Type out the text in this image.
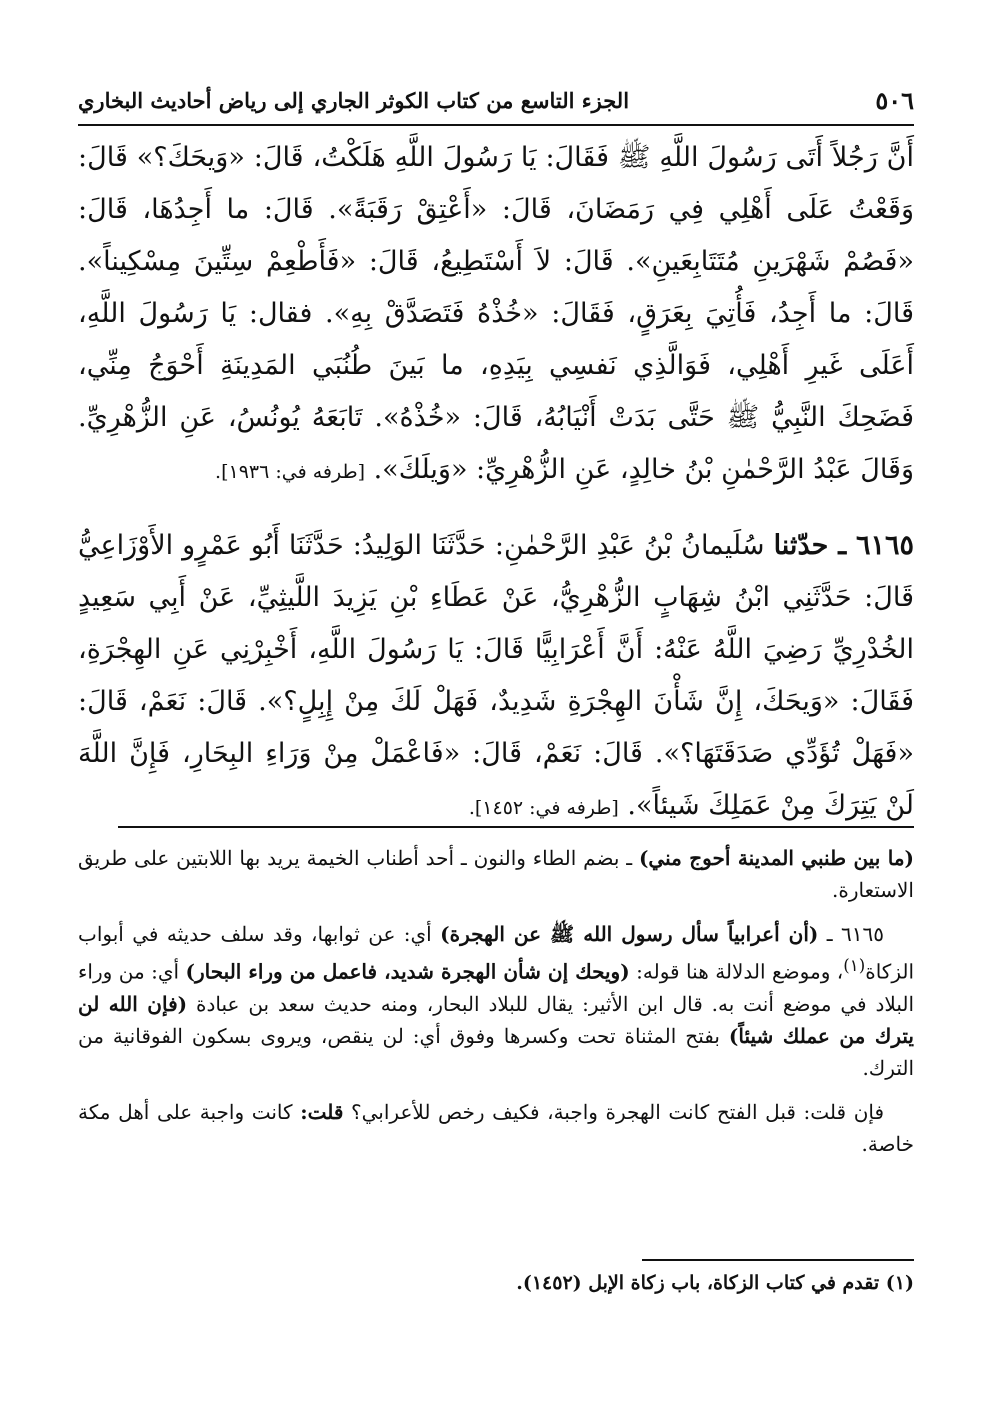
٥٠٦
الجزء التاسع من كتاب الكوثر الجاري إلى رياض أحاديث البخاري

أَنَّ رَجُلاً أَتَى رَسُولَ اللَّهِ ﷺ فَقَالَ: يَا رَسُولَ اللَّهِ هَلَكْتُ، قَالَ: «وَيحَكَ؟» قَالَ: وَقَعْتُ عَلَى أَهْلِي فِي رَمَضَانَ، قَالَ: «أَعْتِقْ رَقَبَةً». قَالَ: ما أَجِدُهَا، قَالَ: «فَصُمْ شَهْرَينِ مُتَتَابِعَينِ». قَالَ: لاَ أَسْتَطِيعُ، قَالَ: «فَأَطْعِمْ سِتِّينَ مِسْكِيناً». قَالَ: ما أَجِدُ، فَأُتِيَ بِعَرَقٍ، فَقَالَ: «خُذْهُ فَتَصَدَّقْ بِهِ». فقال: يَا رَسُولَ اللَّهِ، أَعَلَى غَيرِ أَهْلِي، فَوَالَّذِي نَفسِي بِيَدِهِ، ما بَينَ طُنُبَي المَدِينَةِ أَحْوَجُ مِنِّي، فَضَحِكَ النَّبِيُّ ﷺ حَتَّى بَدَتْ أَنْيَابُهُ، قَالَ: «خُذْهُ». تَابَعَهُ يُونُسُ، عَنِ الزُّهْرِيِّ. وَقَالَ عَبْدُ الرَّحْمٰنِ بْنُ خالِدٍ، عَنِ الزُّهْرِيِّ: «وَيلَكَ». [طرفه في: ١٩٣٦].

٦١٦٥ ـ حدّثنا سُلَيمانُ بْنُ عَبْدِ الرَّحْمٰنِ: حَدَّثَنَا الوَلِيدُ: حَدَّثَنَا أَبُو عَمْرٍو الأَوْزَاعِيُّ قَالَ: حَدَّثَنِي ابْنُ شِهَابٍ الزُّهْرِيُّ، عَنْ عَطَاءِ بْنِ يَزِيدَ اللَّيثِيِّ، عَنْ أَبِي سَعِيدٍ الخُدْرِيِّ رَضِيَ اللَّهُ عَنْهُ: أَنَّ أَعْرَابِيًّا قَالَ: يَا رَسُولَ اللَّهِ، أَخْبِرْنِي عَنِ الهِجْرَةِ، فَقَالَ: «وَيحَكَ، إِنَّ شَأْنَ الهِجْرَةِ شَدِيدٌ، فَهَلْ لَكَ مِنْ إِبِلٍ؟». قَالَ: نَعَمْ، قَالَ: «فَهَلْ تُؤَدِّي صَدَقَتَهَا؟». قَالَ: نَعَمْ، قَالَ: «فَاعْمَلْ مِنْ وَرَاءِ البِحَارِ، فَإِنَّ اللَّهَ لَنْ يَتِرَكَ مِنْ عَمَلِكَ شَيئاً». [طرفه في: ١٤٥٢].

(ما بين طنبي المدينة أحوج مني) ـ بضم الطاء والنون ـ أحد أطناب الخيمة يريد بها اللابتين على طريق الاستعارة.

٦١٦٥ ـ (أن أعرابياً سأل رسول الله ﷺ عن الهجرة) أي: عن ثوابها، وقد سلف حديثه في أبواب الزكاة$^{(١)}$، وموضع الدلالة هنا قوله: (ويحك إن شأن الهجرة شديد، فاعمل من وراء البحار) أي: من وراء البلاد في موضع أنت به. قال ابن الأثير: يقال للبلاد البحار، ومنه حديث سعد بن عبادة (فإن الله لن يترك من عملك شيئاً) بفتح المثناة تحت وكسرها وفوق أي: لن ينقص، ويروى بسكون الفوقانية من الترك.

فإن قلت: قبل الفتح كانت الهجرة واجبة، فكيف رخص للأعرابي؟ قلت: كانت واجبة على أهل مكة خاصة.

(١) تقدم في كتاب الزكاة، باب زكاة الإبل (١٤٥٢).
